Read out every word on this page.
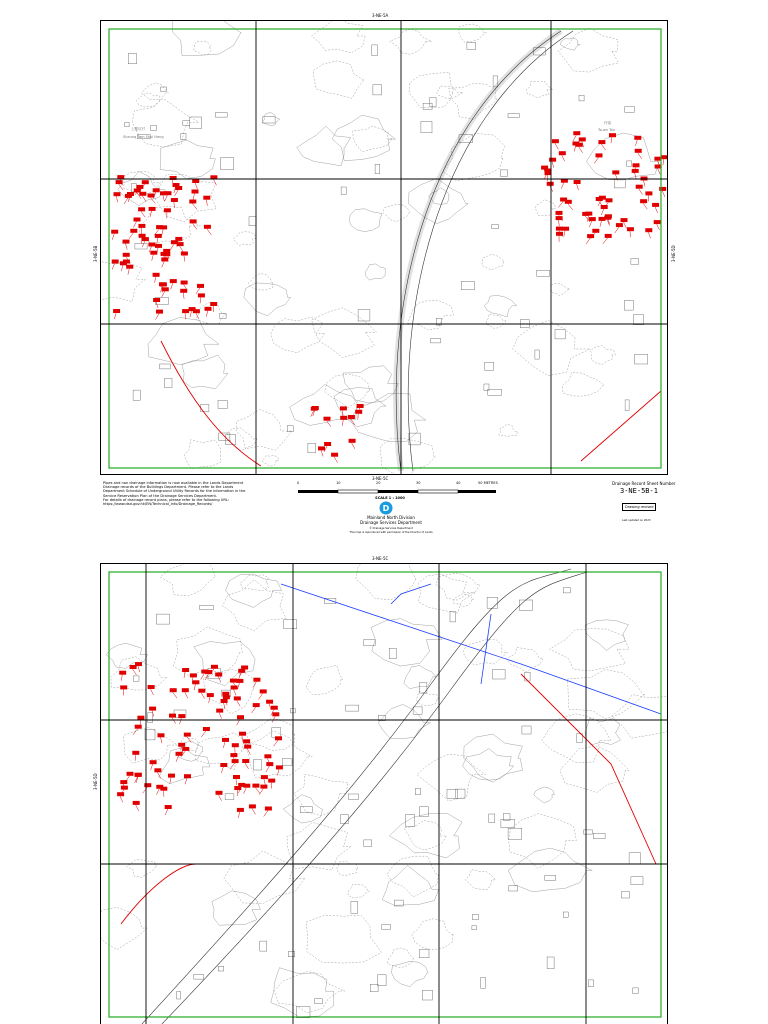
上羅坑村
Sheung Tam Shui Hang
村頭
Tsuen Tau
3-NE-5A
3-NE-5C
3-NE-5B	3-NE-5D
Pipes and non drainage information is now available in the Lands Department Drainage records of the Buildings Department. Please refer to the Lands Department Schedule of Underground Utility Records for the information in the Service Reservation Plan of the Drainage Services Department.
For details of drainage record plans, please refer to the following URL:
https://www.dsd.gov.hk/EN/Technical_Info/Drainage_Records/
0	10	20	30	40	50 METRES
SCALE 1 : 1000
D
Mainland North Division
Drainage Services Department
© Drainage Services Department
This map is reproduced with permission of the Director of Lands
Drainage Record Sheet Number
3-NE-5B-1
Drawing revised
Last updated on 2023
3-NE-5C
3-NE-5D
